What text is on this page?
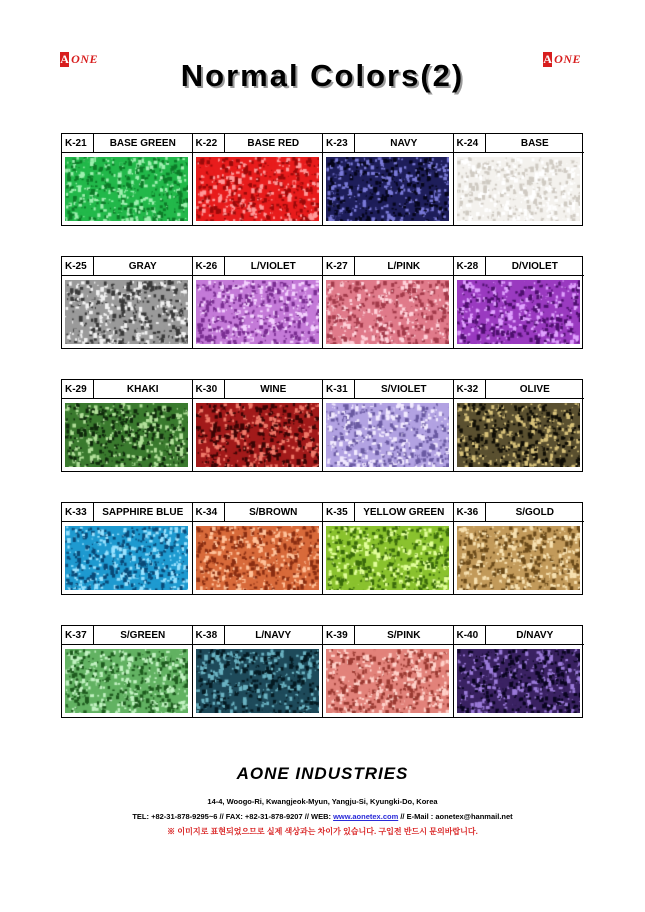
A ONE	A ONE
Normal Colors(2)
K-21	BASE GREEN	K-22	BASE RED	K-23	NAVY	K-24	BASE
K-25	GRAY	K-26	L/VIOLET	K-27	L/PINK	K-28	D/VIOLET
K-29	KHAKI	K-30	WINE	K-31	S/VIOLET	K-32	OLIVE
K-33	SAPPHIRE BLUE	K-34	S/BROWN	K-35	YELLOW GREEN	K-36	S/GOLD
K-37	S/GREEN	K-38	L/NAVY	K-39	S/PINK	K-40	D/NAVY
AONE INDUSTRIES
14-4, Woogo-Ri, Kwangjeok-Myun, Yangju-Si, Kyungki-Do, Korea
TEL: +82-31-878-9295~6 // FAX: +82-31-878-9207 // WEB: www.aonetex.com // E-Mail : aonetex@hanmail.net
※ 이미지로 표현되었으므로 실제 색상과는 차이가 있습니다. 구입전 반드시 문의바랍니다.
